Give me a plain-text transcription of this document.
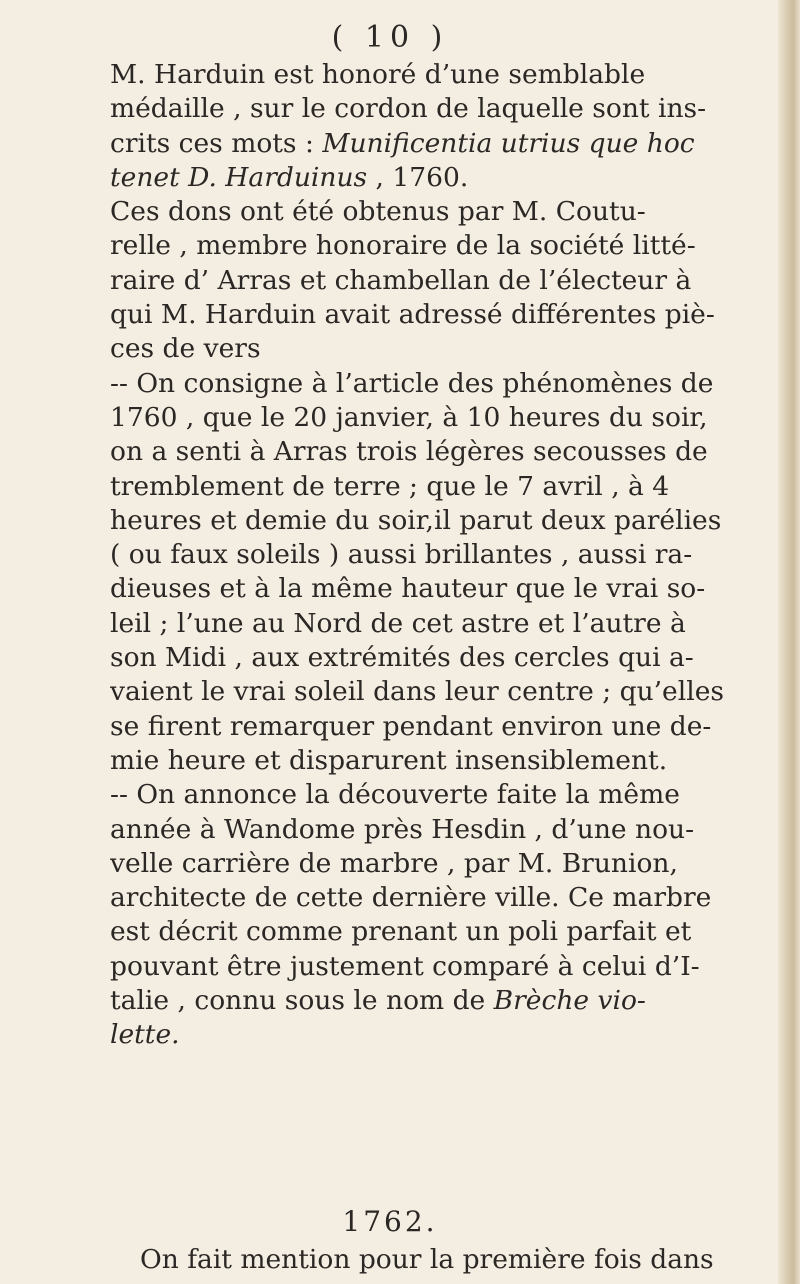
( 10 )
M. Harduin est honoré d’une semblable
médaille , sur le cordon de laquelle sont ins-
crits ces mots : Munificentia utrius que hoc
tenet D. Harduinus , 1760.
Ces dons ont été obtenus par M. Coutu-
relle , membre honoraire de la société litté-
raire d’ Arras et chambellan de l’électeur à
qui M. Harduin avait adressé différentes piè-
ces de vers
-- On consigne à l’article des phénomènes de
1760 , que le 20 janvier, à 10 heures du soir,
on a senti à Arras trois légères secousses de
tremblement de terre ; que le 7 avril , à 4
heures et demie du soir,il parut deux parélies
( ou faux soleils ) aussi brillantes , aussi ra-
dieuses et à la même hauteur que le vrai so-
leil ; l’une au Nord de cet astre et l’autre à
son Midi , aux extrémités des cercles qui a-
vaient le vrai soleil dans leur centre ; qu’elles
se firent remarquer pendant environ une de-
mie heure et disparurent insensiblement.
-- On annonce la découverte faite la même
année à Wandome près Hesdin , d’une nou-
velle carrière de marbre , par M. Brunion,
architecte de cette dernière ville. Ce marbre
est décrit comme prenant un poli parfait et
pouvant être justement comparé à celui d’I-
talie , connu sous le nom de Brèche vio-
lette.
1762.
On fait mention pour la première fois dans
